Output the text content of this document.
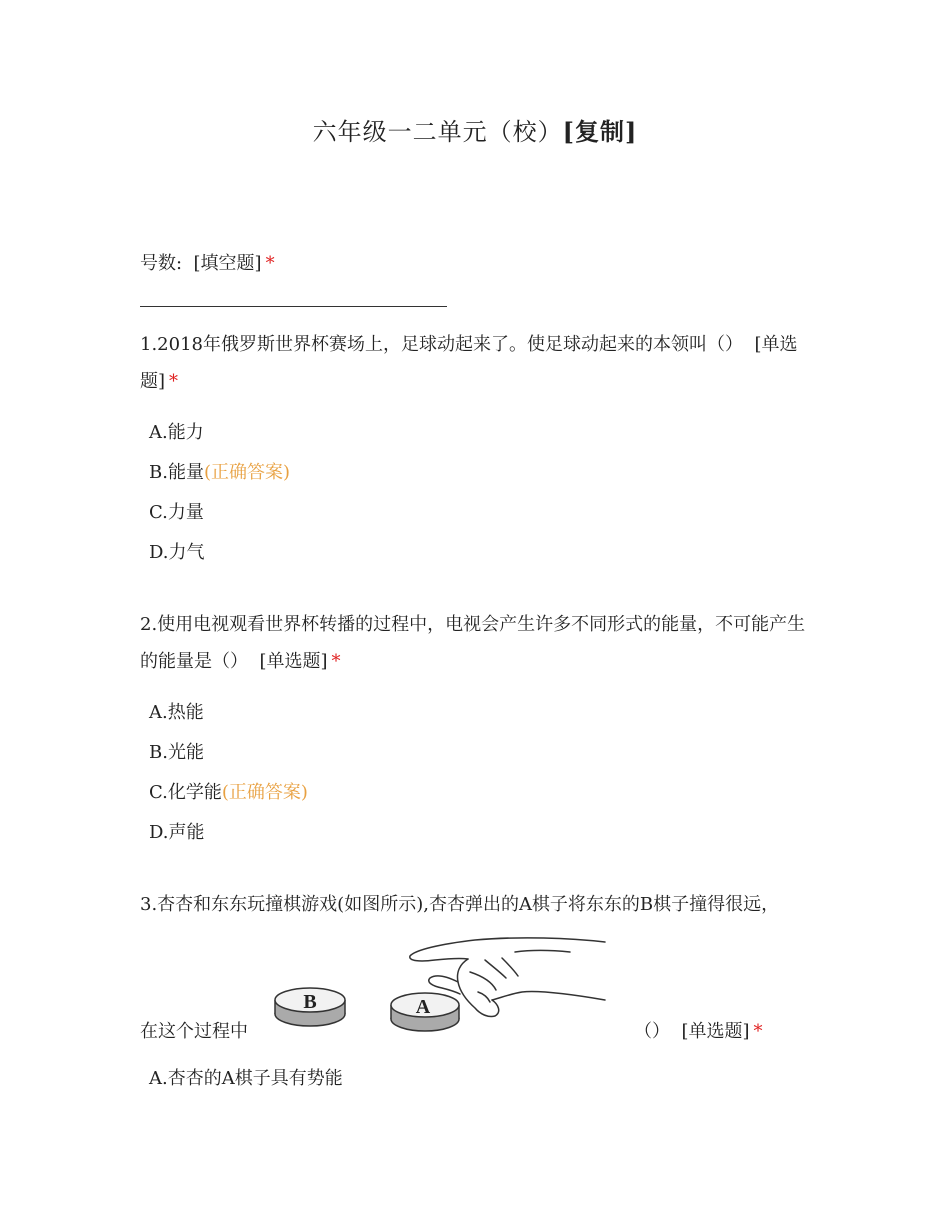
六年级一二单元（校）[复制]
号数: [填空题] *
1.2018年俄罗斯世界杯赛场上，足球动起来了。使足球动起来的本领叫（） [单选题] *
A.能力
B.能量(正确答案)
C.力量
D.力气
2.使用电视观看世界杯转播的过程中，电视会产生许多不同形式的能量，不可能产生的能量是（） [单选题] *
A.热能
B.光能
C.化学能(正确答案)
D.声能
3.杏杏和东东玩撞棋游戏(如图所示),杏杏弹出的A棋子将东东的B棋子撞得很远，
在这个过程中
B	A
（） [单选题] *
A.杏杏的A棋子具有势能
